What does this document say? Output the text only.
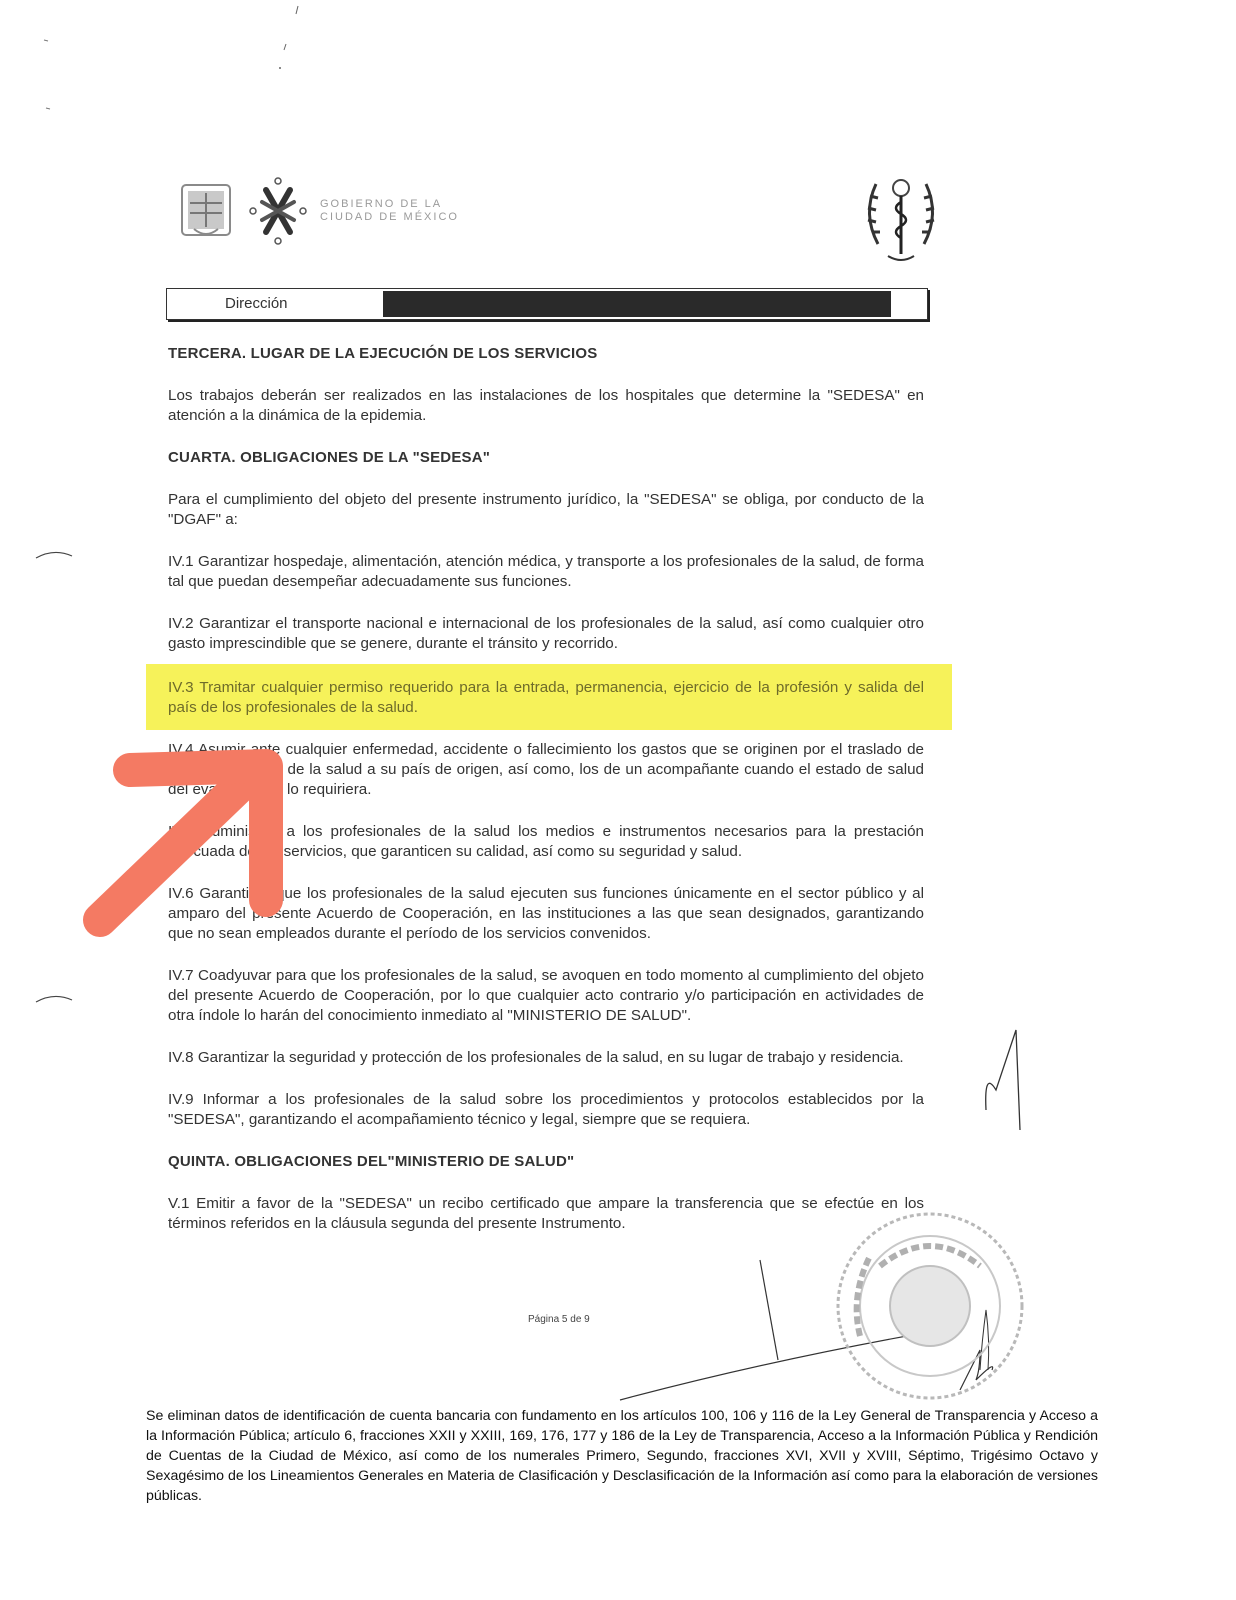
GOBIERNO DE LA
CIUDAD DE MÉXICO
Dirección
TERCERA. LUGAR DE LA EJECUCIÓN DE LOS SERVICIOS
Los trabajos deberán ser realizados en las instalaciones de los hospitales que determine la "SEDESA" en atención a la dinámica de la epidemia.
CUARTA. OBLIGACIONES DE LA "SEDESA"
Para el cumplimiento del objeto del presente instrumento jurídico, la "SEDESA" se obliga, por conducto de la "DGAF" a:
IV.1 Garantizar hospedaje, alimentación, atención médica, y transporte a los profesionales de la salud, de forma tal que puedan desempeñar adecuadamente sus funciones.
IV.2 Garantizar el transporte nacional e internacional de los profesionales de la salud, así como cualquier otro gasto imprescindible que se genere, durante el tránsito y recorrido.
IV.3 Tramitar cualquier permiso requerido para la entrada, permanencia, ejercicio de la profesión y salida del país de los profesionales de la salud.
IV.4 Asumir ante cualquier enfermedad, accidente o fallecimiento los gastos que se originen por el traslado de los profesionales de la salud a su país de origen, así como, los de un acompañante cuando el estado de salud del evacuado así lo requiriera.
IV.5 Suministrar a los profesionales de la salud los medios e instrumentos necesarios para la prestación adecuada de los servicios, que garanticen su calidad, así como su seguridad y salud.
IV.6 Garantizar que los profesionales de la salud ejecuten sus funciones únicamente en el sector público y al amparo del presente Acuerdo de Cooperación, en las instituciones a las que sean designados, garantizando que no sean empleados durante el período de los servicios convenidos.
IV.7 Coadyuvar para que los profesionales de la salud, se avoquen en todo momento al cumplimiento del objeto del presente Acuerdo de Cooperación, por lo que cualquier acto contrario y/o participación en actividades de otra índole lo harán del conocimiento inmediato al "MINISTERIO DE SALUD".
IV.8 Garantizar la seguridad y protección de los profesionales de la salud, en su lugar de trabajo y residencia.
IV.9 Informar a los profesionales de la salud sobre los procedimientos y protocolos establecidos por la "SEDESA", garantizando el acompañamiento técnico y legal, siempre que se requiera.
QUINTA. OBLIGACIONES DEL"MINISTERIO DE SALUD"
V.1 Emitir a favor de la "SEDESA" un recibo certificado que ampare la transferencia que se efectúe en los términos referidos en la cláusula segunda del presente Instrumento.
Página 5 de 9
Se eliminan datos de identificación de cuenta bancaria con fundamento en los artículos 100, 106 y 116 de la Ley General de Transparencia y Acceso a la Información Pública; artículo 6, fracciones XXII y XXIII, 169, 176, 177 y 186 de la Ley de Transparencia, Acceso a la Información Pública y Rendición de Cuentas de la Ciudad de México, así como de los numerales Primero, Segundo, fracciones XVI, XVII y XVIII, Séptimo, Trigésimo Octavo y Sexagésimo de los Lineamientos Generales en Materia de Clasificación y Desclasificación de la Información así como para la elaboración de versiones públicas.
